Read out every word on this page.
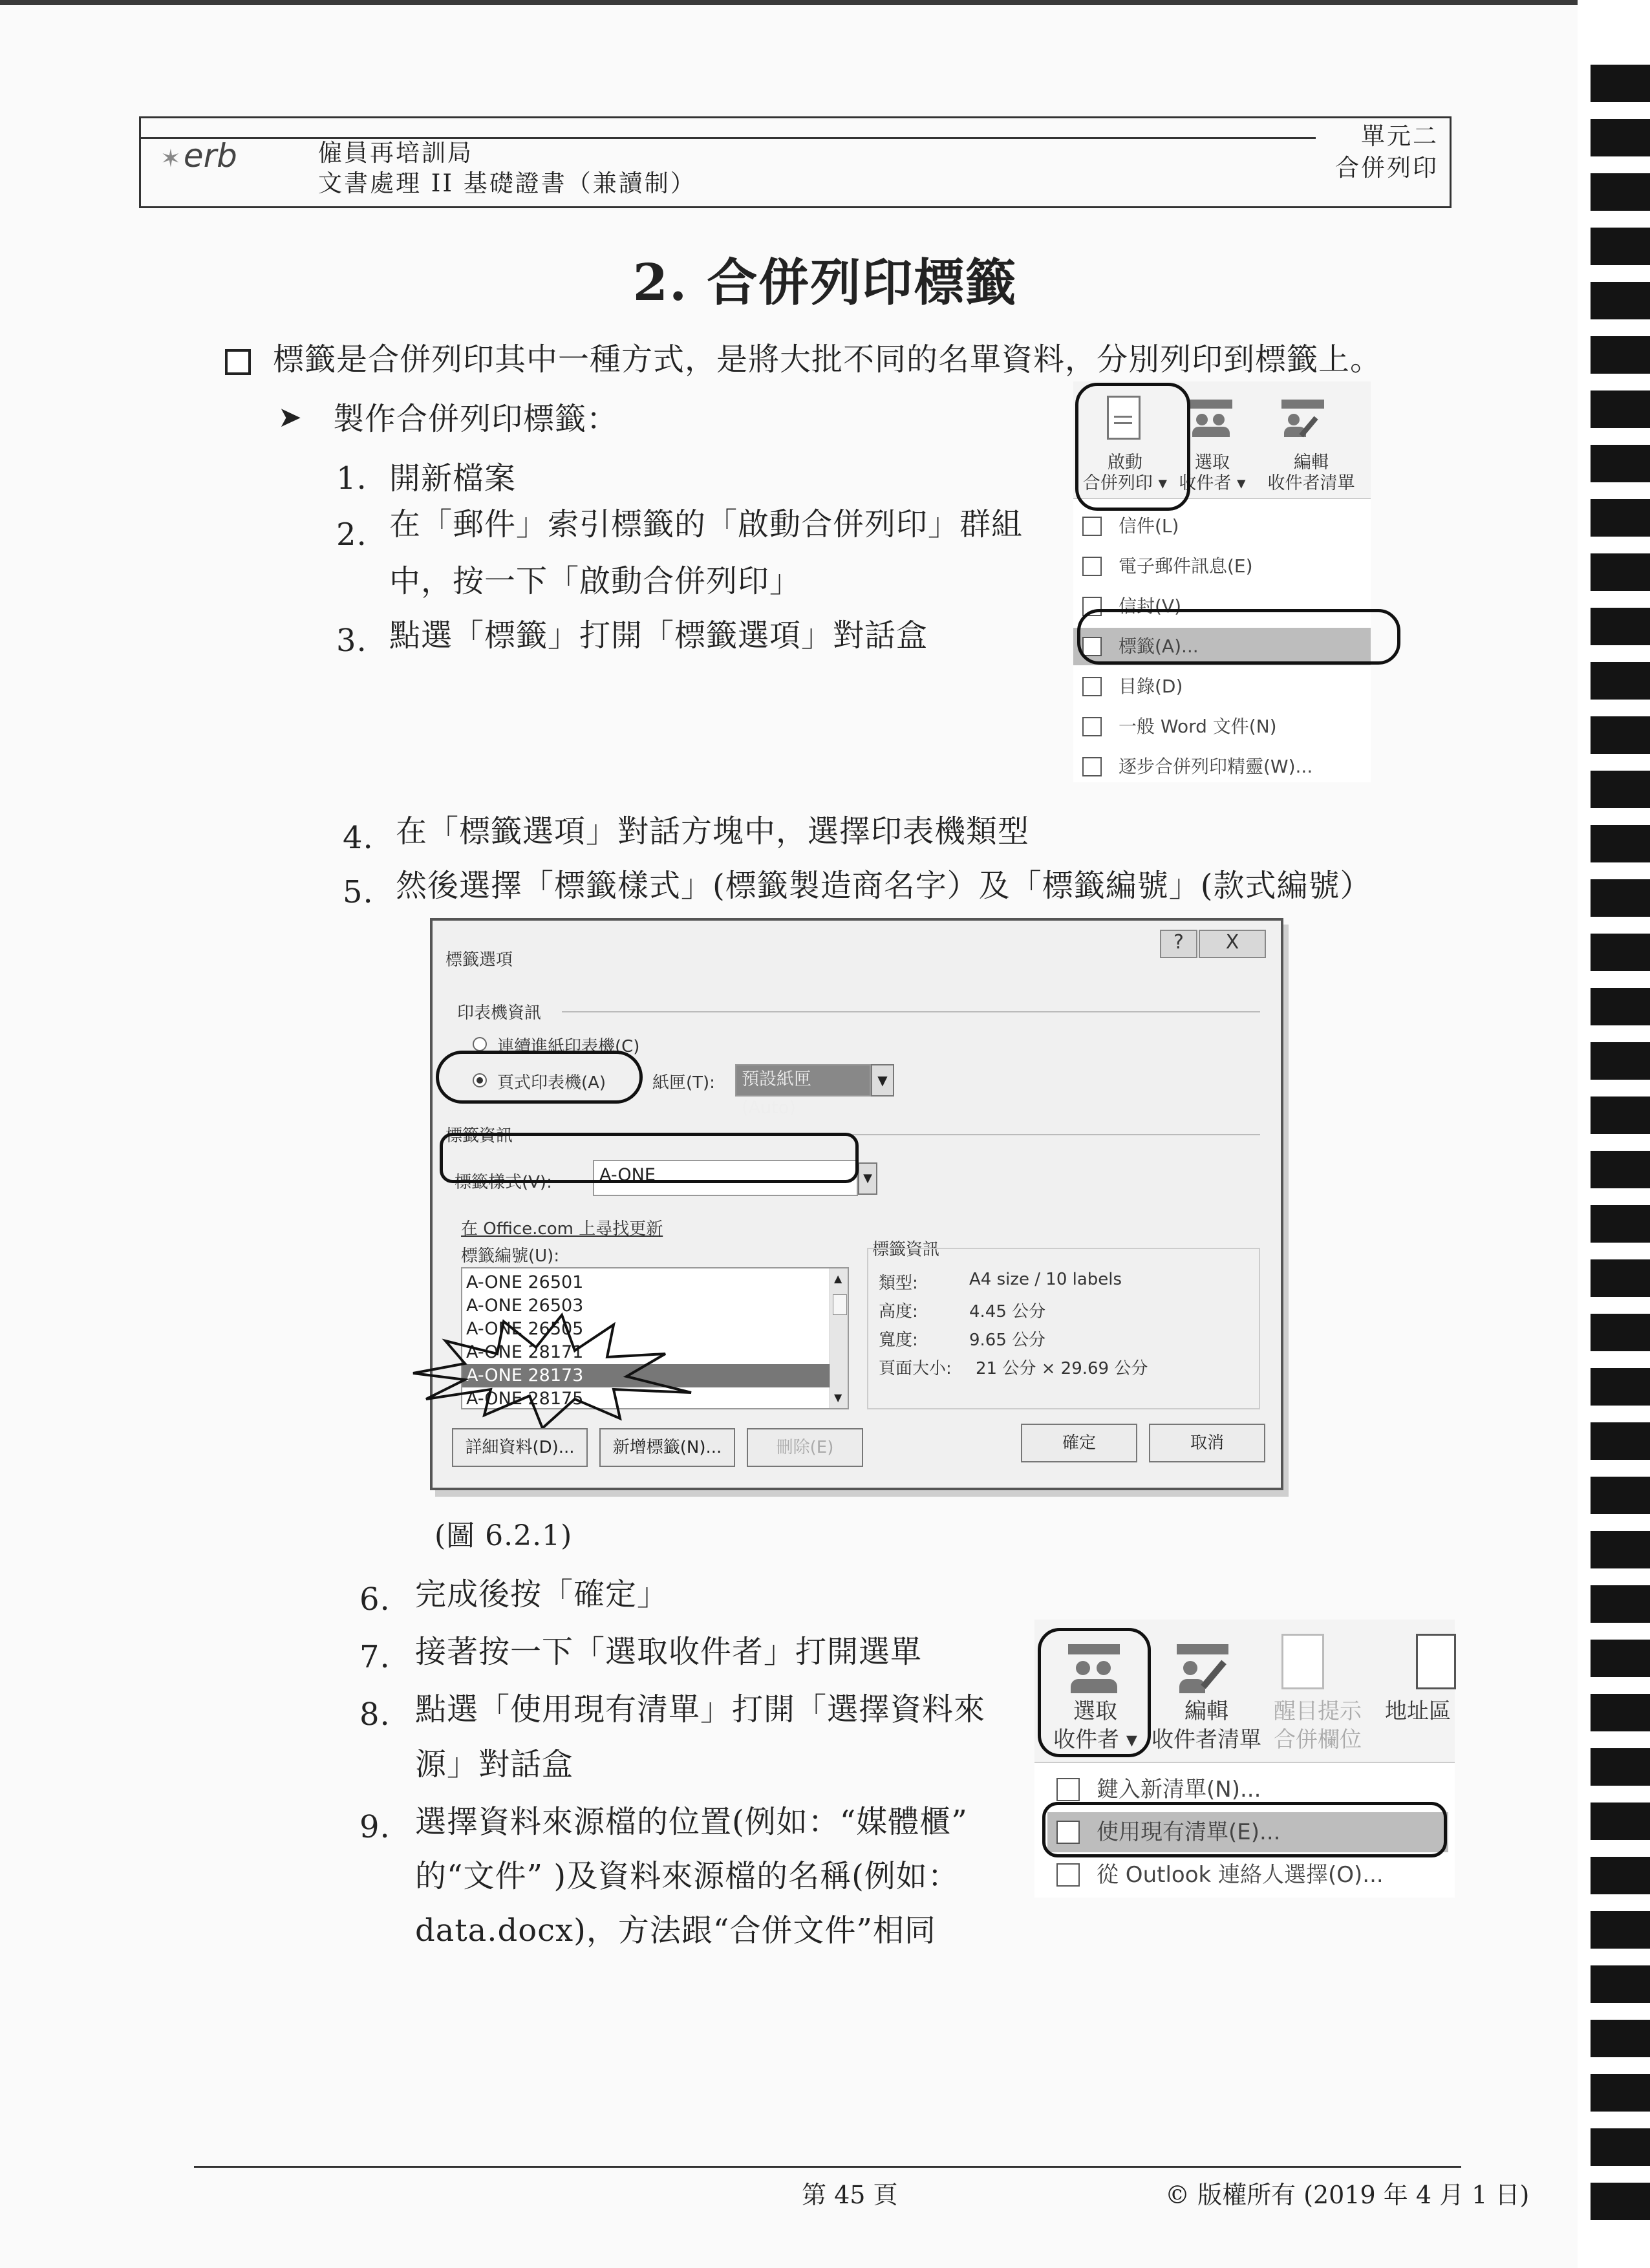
✶erb	僱員再培訓局
文書處理 II 基礎證書（兼讀制）
單元二
合併列印
2. 合併列印標籤
標籤是合併列印其中一種方式，是將大批不同的名單資料，分別列印到標籤上。
➤ 製作合併列印標籤：
1. 開新檔案
2. 在「郵件」索引標籤的「啟動合併列印」群組
中，按一下「啟動合併列印」
3. 點選「標籤」打開「標籤選項」對話盒
啟動
合併列印 ▾
選取
收件者 ▾
編輯
收件者清單
信件(L)
電子郵件訊息(E)
信封(V)...
標籤(A)...
目錄(D)
一般 Word 文件(N)
逐步合併列印精靈(W)...
4. 在「標籤選項」對話方塊中，選擇印表機類型
5. 然後選擇「標籤樣式」(標籤製造商名字）及「標籤編號」(款式編號）
標籤選項
?	X
印表機資訊
連續進紙印表機(C)
頁式印表機(A)	紙匣(T):	預設紙匣 (Auto)
▼
標籤資訊
標籤樣式(V):	A-ONE	▼
在 Office.com 上尋找更新
標籤編號(U):
A-ONE 26501
A-ONE 26503
A-ONE 26505
A-ONE 28171
A-ONE 28173
A-ONE 28175
▲
▼
標籤資訊
類型:	A4 size / 10 labels
高度:	4.45 公分
寬度:	9.65 公分
頁面大小: 21 公分 × 29.69 公分
詳細資料(D)...	新增標籤(N)...	刪除(E)	確定	取消
(圖 6.2.1)
6. 完成後按「確定」
7. 接著按一下「選取收件者」打開選單
8. 點選「使用現有清單」打開「選擇資料來
源」對話盒
9. 選擇資料來源檔的位置(例如：“媒體櫃”
的“文件” )及資料來源檔的名稱(例如：
data.docx)，方法跟“合併文件”相同
選取
收件者 ▾
編輯
收件者清單
醒目提示
合併欄位
地址區
鍵入新清單(N)...
使用現有清單(E)...
從 Outlook 連絡人選擇(O)...
第 45 頁	© 版權所有 (2019 年 4 月 1 日)
